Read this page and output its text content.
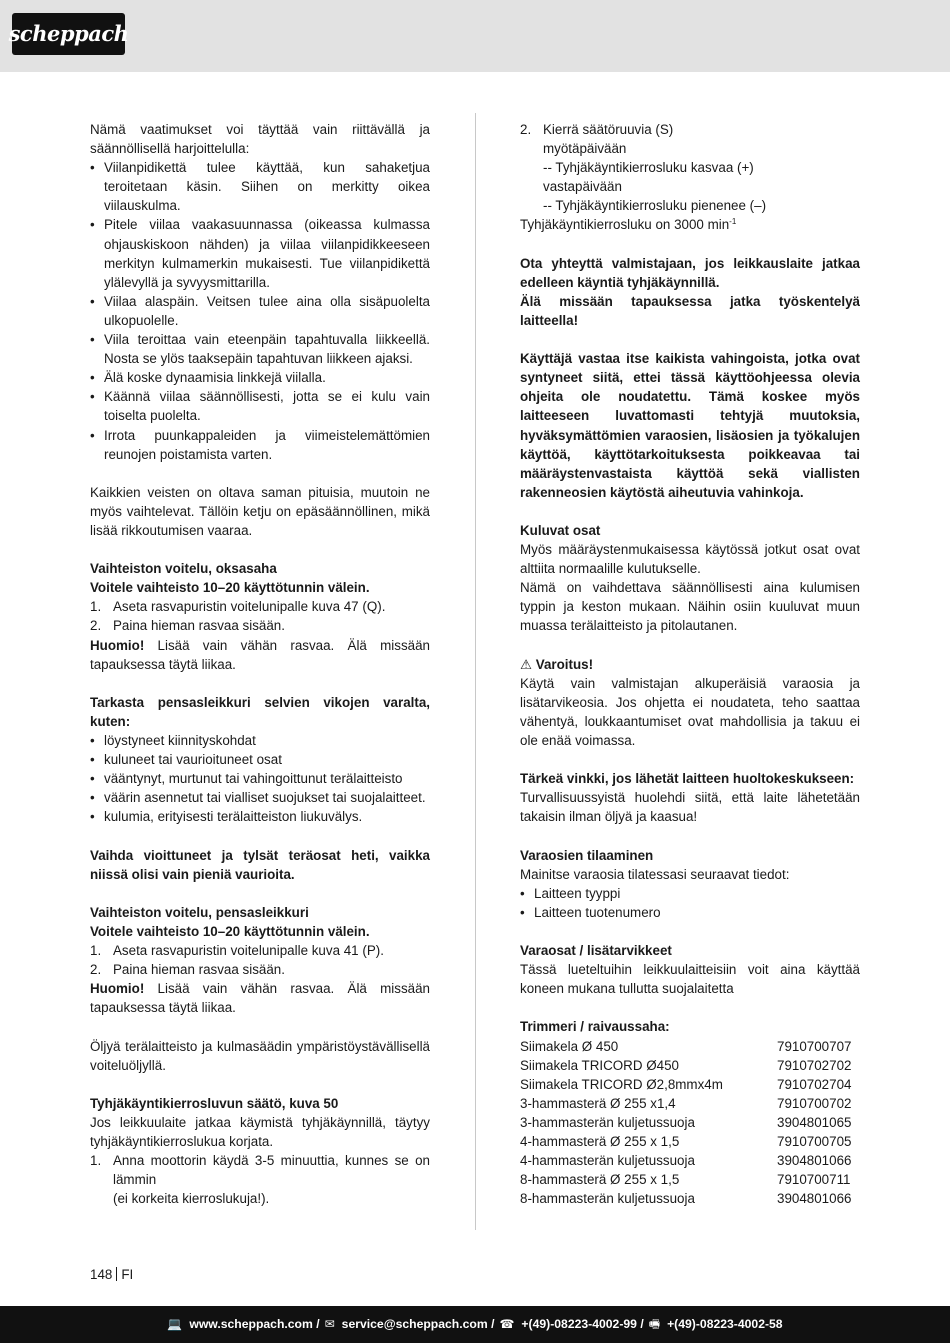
scheppach

Nämä vaatimukset voi täyttää vain riittävällä ja säännöllisellä harjoittelulla:

• Viilanpidikettä tulee käyttää, kun sahaketjua teroitetaan käsin. Siihen on merkitty oikea viilauskulma.
• Pitele viilaa vaakasuunnassa (oikeassa kulmassa ohjauskiskoon nähden) ja viilaa viilanpidikkeeseen merkityn kulmamerkin mukaisesti. Tue viilanpidikettä ylälevyllä ja syvyysmittarilla.
• Viilaa alaspäin. Veitsen tulee aina olla sisäpuolelta ulkopuolelle.
• Viila teroittaa vain eteenpäin tapahtuvalla liikkeellä. Nosta se ylös taaksepäin tapahtuvan liikkeen ajaksi.
• Älä koske dynaamisia linkkejä viilalla.
• Käännä viilaa säännöllisesti, jotta se ei kulu vain toiselta puolelta.
• Irrota puunkappaleiden ja viimeistelemättömien reunojen poistamista varten.

Kaikkien veisten on oltava saman pituisia, muutoin ne myös vaihtelevat. Tällöin ketju on epäsäännöllinen, mikä lisää rikkoutumisen vaaraa.

Vaihteiston voitelu, oksasaha

Voitele vaihteisto 10–20 käyttötunnin välein.

1. Aseta rasvapuristin voitelunipalle kuva 47 (Q).
2. Paina hieman rasvaa sisään.

Huomio! Lisää vain vähän rasvaa. Älä missään tapauksessa täytä liikaa.

Tarkasta pensasleikkuri selvien vikojen varalta, kuten:

• löystyneet kiinnityskohdat
• kuluneet tai vaurioituneet osat
• vääntynyt, murtunut tai vahingoittunut terälaitteisto
• väärin asennetut tai vialliset suojukset tai suojalaitteet.
• kulumia, erityisesti terälaitteiston liukuvälys.

Vaihda vioittuneet ja tylsät teräosat heti, vaikka niissä olisi vain pieniä vaurioita.

Vaihteiston voitelu, pensasleikkuri

Voitele vaihteisto 10–20 käyttötunnin välein.

1. Aseta rasvapuristin voitelunipalle kuva 41 (P).
2. Paina hieman rasvaa sisään.

Huomio! Lisää vain vähän rasvaa. Älä missään tapauksessa täytä liikaa.

Öljyä terälaitteisto ja kulmasäädin ympäristöystävällisellä voiteluöljyllä.

Tyhjäkäyntikierrosluvun säätö, kuva 50

Jos leikkuulaite jatkaa käymistä tyhjäkäynnillä, täytyy tyhjäkäyntikierroslukua korjata.

1. Anna moottorin käydä 3-5 minuuttia, kunnes se on lämmin

(ei korkeita kierroslukuja!).

2. Kierrä säätöruuvia (S)

myötäpäivään

-- Tyhjäkäyntikierrosluku kasvaa (+)

vastapäivään

-- Tyhjäkäyntikierrosluku pienenee (–)

Tyhjäkäyntikierrosluku on 3000 $\min^{-1}$

Ota yhteyttä valmistajaan, jos leikkauslaite jatkaa edelleen käyntiä tyhjäkäynnillä.

Älä missään tapauksessa jatka työskentelyä laitteella!

Käyttäjä vastaa itse kaikista vahingoista, jotka ovat syntyneet siitä, ettei tässä käyttöohjeessa olevia ohjeita ole noudatettu. Tämä koskee myös laitteeseen luvattomasti tehtyjä muutoksia, hyväksymättömien varaosien, lisäosien ja työkalujen käyttöä, käyttötarkoituksesta poikkeavaa tai määräystenvastaista käyttöä sekä viallisten rakenneosien käytöstä aiheutuvia vahinkoja.

Kuluvat osat

Myös määräystenmukaisessa käytössä jotkut osat ovat alttiita normaalille kulutukselle.

Nämä on vaihdettava säännöllisesti aina kulumisen typpin ja keston mukaan. Näihin osiin kuuluvat muun muassa terälaitteisto ja pitolautanen.

⚠ Varoitus!

Käytä vain valmistajan alkuperäisiä varaosia ja lisätarvikeosia. Jos ohjetta ei noudateta, teho saattaa vähentyä, loukkaantumiset ovat mahdollisia ja takuu ei ole enää voimassa.

Tärkeä vinkki, jos lähetät laitteen huoltokeskukseen:

Turvallisuussyistä huolehdi siitä, että laite lähetetään takaisin ilman öljyä ja kaasua!

Varaosien tilaaminen

Mainitse varaosia tilatessasi seuraavat tiedot:

• Laitteen tyyppi
• Laitteen tuotenumero

Varaosat / lisätarvikkeet

Tässä lueteltuihin leikkuulaitteisiin voit aina käyttää koneen mukana tullutta suojalaitetta

Trimmeri / raivaussaha:

Siimakela Ø 450	7910700707
Siimakela TRICORD Ø450	7910702702
Siimakela TRICORD Ø2,8mmx4m	7910702704
3-hammasterä Ø 255 x1,4	7910700702
3-hammasterän kuljetussuoja	3904801065
4-hammasterä Ø 255 x 1,5	7910700705
4-hammasterän kuljetussuoja	3904801066
8-hammasterä Ø 255 x 1,5	7910700711
8-hammasterän kuljetussuoja	3904801066
148 FI
💻 www.scheppach.com / ✉ service@scheppach.com / ☎ +(49)-08223-4002-99 / 🖷 +(49)-08223-4002-58
